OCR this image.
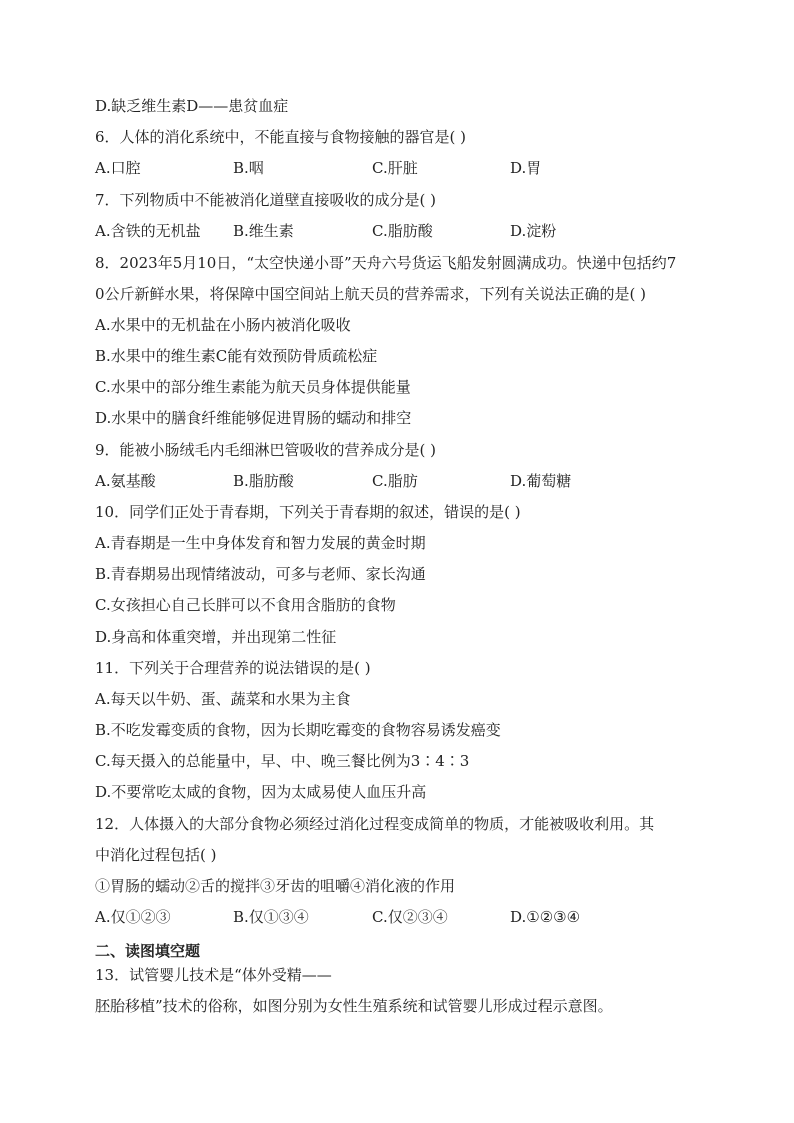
D.缺乏维生素D——患贫血症
6．人体的消化系统中，不能直接与食物接触的器官是( )
A.口腔	B.咽	C.肝脏	D.胃
7．下列物质中不能被消化道壁直接吸收的成分是( )
A.含铁的无机盐 B.维生素	C.脂肪酸	D.淀粉
8．2023年5月10日，“太空快递小哥”天舟六号货运飞船发射圆满成功。快递中包括约7
0公斤新鲜水果，将保障中国空间站上航天员的营养需求，下列有关说法正确的是( )
A.水果中的无机盐在小肠内被消化吸收
B.水果中的维生素C能有效预防骨质疏松症
C.水果中的部分维生素能为航天员身体提供能量
D.水果中的膳食纤维能够促进胃肠的蠕动和排空
9．能被小肠绒毛内毛细淋巴管吸收的营养成分是( )
A.氨基酸	B.脂肪酸	C.脂肪	D.葡萄糖
10．同学们正处于青春期，下列关于青春期的叙述，错误的是( )
A.青春期是一生中身体发育和智力发展的黄金时期
B.青春期易出现情绪波动，可多与老师、家长沟通
C.女孩担心自己长胖可以不食用含脂肪的食物
D.身高和体重突增，并出现第二性征
11．下列关于合理营养的说法错误的是( )
A.每天以牛奶、蛋、蔬菜和水果为主食
B.不吃发霉变质的食物，因为长期吃霉变的食物容易诱发癌变
C.每天摄入的总能量中，早、中、晚三餐比例为3∶4∶3
D.不要常吃太咸的食物，因为太咸易使人血压升高
12．人体摄入的大部分食物必须经过消化过程变成简单的物质，才能被吸收利用。其
中消化过程包括( )
①胃肠的蠕动②舌的搅拌③牙齿的咀嚼④消化液的作用
A.仅①②③	B.仅①③④	C.仅②③④	D.①②③④
二、读图填空题
13．试管婴儿技术是“体外受精——
胚胎移植”技术的俗称，如图分别为女性生殖系统和试管婴儿形成过程示意图。
